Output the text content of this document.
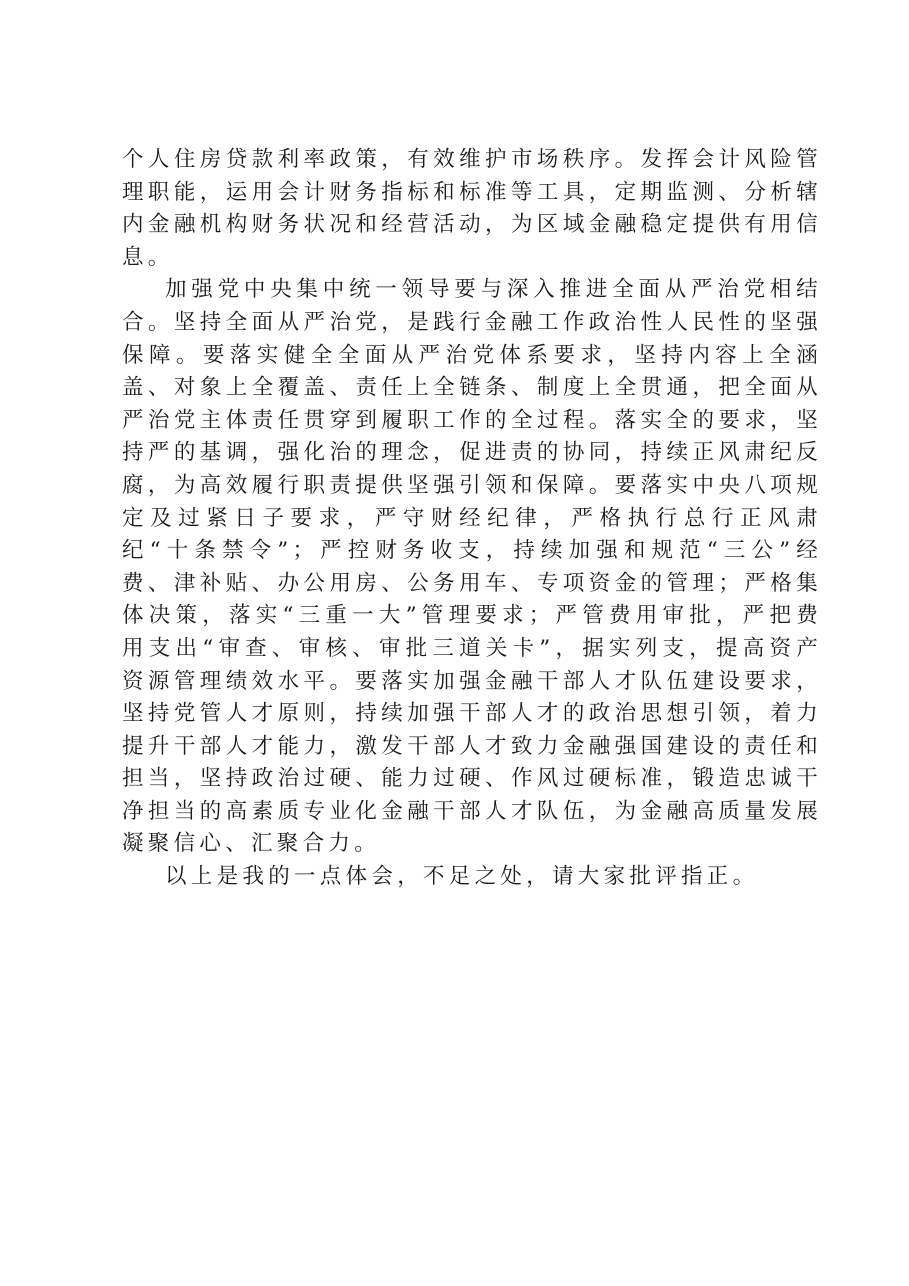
个人住房贷款利率政策，有效维护市场秩序。发挥会计风险管理职能，运用会计财务指标和标准等工具，定期监测、分析辖内金融机构财务状况和经营活动，为区域金融稳定提供有用信息。

加强党中央集中统一领导要与深入推进全面从严治党相结合。坚持全面从严治党，是践行金融工作政治性人民性的坚强保障。要落实健全全面从严治党体系要求，坚持内容上全涵盖、对象上全覆盖、责任上全链条、制度上全贯通，把全面从严治党主体责任贯穿到履职工作的全过程。落实全的要求，坚持严的基调，强化治的理念，促进责的协同，持续正风肃纪反腐，为高效履行职责提供坚强引领和保障。要落实中央八项规定及过紧日子要求，严守财经纪律，严格执行总行正风肃纪“十条禁令”；严控财务收支，持续加强和规范“三公”经费、津补贴、办公用房、公务用车、专项资金的管理；严格集体决策，落实“三重一大”管理要求；严管费用审批，严把费用支出“审查、审核、审批三道关卡”，据实列支，提高资产资源管理绩效水平。要落实加强金融干部人才队伍建设要求，坚持党管人才原则，持续加强干部人才的政治思想引领，着力提升干部人才能力，激发干部人才致力金融强国建设的责任和担当，坚持政治过硬、能力过硬、作风过硬标准，锻造忠诚干净担当的高素质专业化金融干部人才队伍，为金融高质量发展凝聚信心、汇聚合力。

以上是我的一点体会，不足之处，请大家批评指正。
